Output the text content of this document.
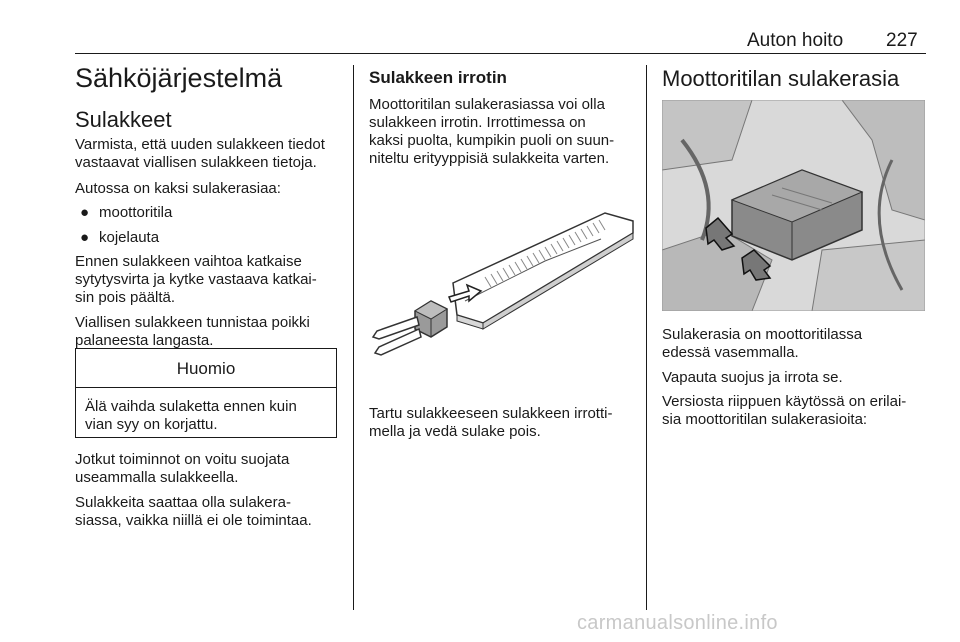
Auton hoito 227
Sähköjärjestelmä
Sulakkeet
Varmista, että uuden sulakkeen tiedot
vastaavat viallisen sulakkeen tietoja.
Autossa on kaksi sulakerasiaa:
● moottoritila
● kojelauta
Ennen sulakkeen vaihtoa katkaise
sytytysvirta ja kytke vastaava katkai-
sin pois päältä.
Viallisen sulakkeen tunnistaa poikki
palaneesta langasta.
Huomio
Älä vaihda sulaketta ennen kuin
vian syy on korjattu.
Jotkut toiminnot on voitu suojata
useammalla sulakkeella.
Sulakkeita saattaa olla sulakera-
siassa, vaikka niillä ei ole toimintaa.
Sulakkeen irrotin
Moottoritilan sulakerasiassa voi olla
sulakkeen irrotin. Irrottimessa on
kaksi puolta, kumpikin puoli on suun-
niteltu erityyppisiä sulakkeita varten.
Tartu sulakkeeseen sulakkeen irrotti-
mella ja vedä sulake pois.
Moottoritilan sulakerasia
Sulakerasia on moottoritilassa
edessä vasemmalla.
Vapauta suojus ja irrota se.
Versiosta riippuen käytössä on erilai-
sia moottoritilan sulakerasioita:
carmanualsonline.info
